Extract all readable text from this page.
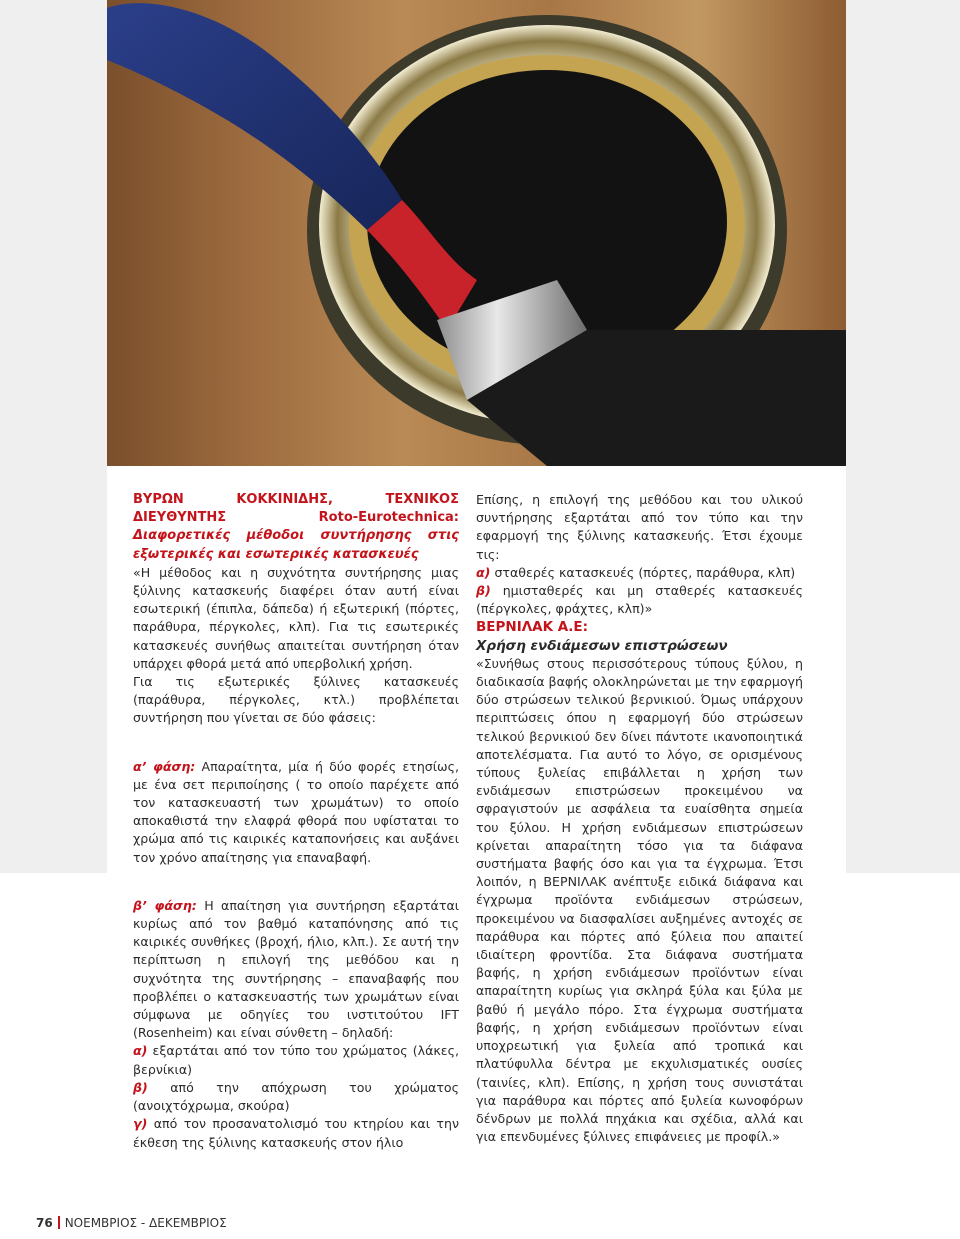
ΒΥΡΩΝ ΚΟΚΚΙΝΙΔΗΣ, ΤΕΧΝΙΚΟΣ ΔΙΕΥΘΥΝΤΗΣ Roto-Eurotechnica: Διαφορετικές μέθοδοι συντήρησης στις εξωτερικές και εσωτερικές κατασκευές

«Η μέθοδος και η συχνότητα συντήρησης μιας ξύλινης κατασκευής διαφέρει όταν αυτή είναι εσωτερική (έπιπλα, δάπεδα) ή εξωτερική (πόρτες, παράθυρα, πέργκολες, κλπ). Για τις εσωτερικές κατασκευές συνήθως απαιτείται συντήρηση όταν υπάρχει φθορά μετά από υπερβολική χρήση.

Για τις εξωτερικές ξύλινες κατασκευές (παράθυρα, πέργκολες, κτλ.) προβλέπεται συντήρηση που γίνεται σε δύο φάσεις:

α’ φάση: Απαραίτητα, μία ή δύο φορές ετησίως, με ένα σετ περιποίησης ( το οποίο παρέχετε από τον κατασκευαστή των χρωμάτων) το οποίο αποκαθιστά την ελαφρά φθορά που υφίσταται το χρώμα από τις καιρικές καταπονήσεις και αυξάνει τον χρόνο απαίτησης για επαναβαφή.

β’ φάση: Η απαίτηση για συντήρηση εξαρτάται κυρίως από τον βαθμό καταπόνησης από τις καιρικές συνθήκες (βροχή, ήλιο, κλπ.). Σε αυτή την περίπτωση η επιλογή της μεθόδου και η συχνότητα της συντήρησης – επαναβαφής που προβλέπει ο κατασκευαστής των χρωμάτων είναι σύμφωνα με οδηγίες του ινστιτούτου IFT (Rosenheim) και είναι σύνθετη – δηλαδή:

α) εξαρτάται από τον τύπο του χρώματος (λάκες, βερνίκια)

β) από την απόχρωση του χρώματος (ανοιχτόχρωμα, σκούρα)

γ) από τον προσανατολισμό του κτηρίου και την έκθεση της ξύλινης κατασκευής στον ήλιο

Επίσης, η επιλογή της μεθόδου και του υλικού συντήρησης εξαρτάται από τον τύπο και την εφαρμογή της ξύλινης κατασκευής. Έτσι έχουμε τις:

α) σταθερές κατασκευές (πόρτες, παράθυρα, κλπ)

β) ημισταθερές και μη σταθερές κατασκευές (πέργκολες, φράχτες, κλπ)»

ΒΕΡΝΙΛΑΚ Α.Ε:

Χρήση ενδιάμεσων επιστρώσεων

«Συνήθως στους περισσότερους τύπους ξύλου, η διαδικασία βαφής ολοκληρώνεται με την εφαρμογή δύο στρώσεων τελικού βερνικιού. Όμως υπάρχουν περιπτώσεις όπου η εφαρμογή δύο στρώσεων τελικού βερνικιού δεν δίνει πάντοτε ικανοποιητικά αποτελέσματα. Για αυτό το λόγο, σε ορισμένους τύπους ξυλείας επιβάλλεται η χρήση των ενδιάμεσων επιστρώσεων προκειμένου να σφραγιστούν με ασφάλεια τα ευαίσθητα σημεία του ξύλου. Η χρήση ενδιάμεσων επιστρώσεων κρίνεται απαραίτητη τόσο για τα διάφανα συστήματα βαφής όσο και για τα έγχρωμα. Έτσι λοιπόν, η ΒΕΡΝΙΛΑΚ ανέπτυξε ειδικά διάφανα και έγχρωμα προϊόντα ενδιάμεσων στρώσεων, προκειμένου να διασφαλίσει αυξημένες αντοχές σε παράθυρα και πόρτες από ξύλεια που απαιτεί ιδιαίτερη φροντίδα. Στα διάφανα συστήματα βαφής, η χρήση ενδιάμεσων προϊόντων είναι απαραίτητη κυρίως για σκληρά ξύλα και ξύλα με βαθύ ή μεγάλο πόρο. Στα έγχρωμα συστήματα βαφής, η χρήση ενδιάμεσων προϊόντων είναι υποχρεωτική για ξυλεία από τροπικά και πλατύφυλλα δέντρα με εκχυλισματικές ουσίες (ταινίες, κλπ). Επίσης, η χρήση τους συνιστάται για παράθυρα και πόρτες από ξυλεία κωνοφόρων δένδρων με πολλά πηχάκια και σχέδια, αλλά και για επενδυμένες ξύλινες επιφάνειες με προφίλ.»

76 ΝΟΕΜΒΡΙΟΣ - ΔΕΚΕΜΒΡΙΟΣ
